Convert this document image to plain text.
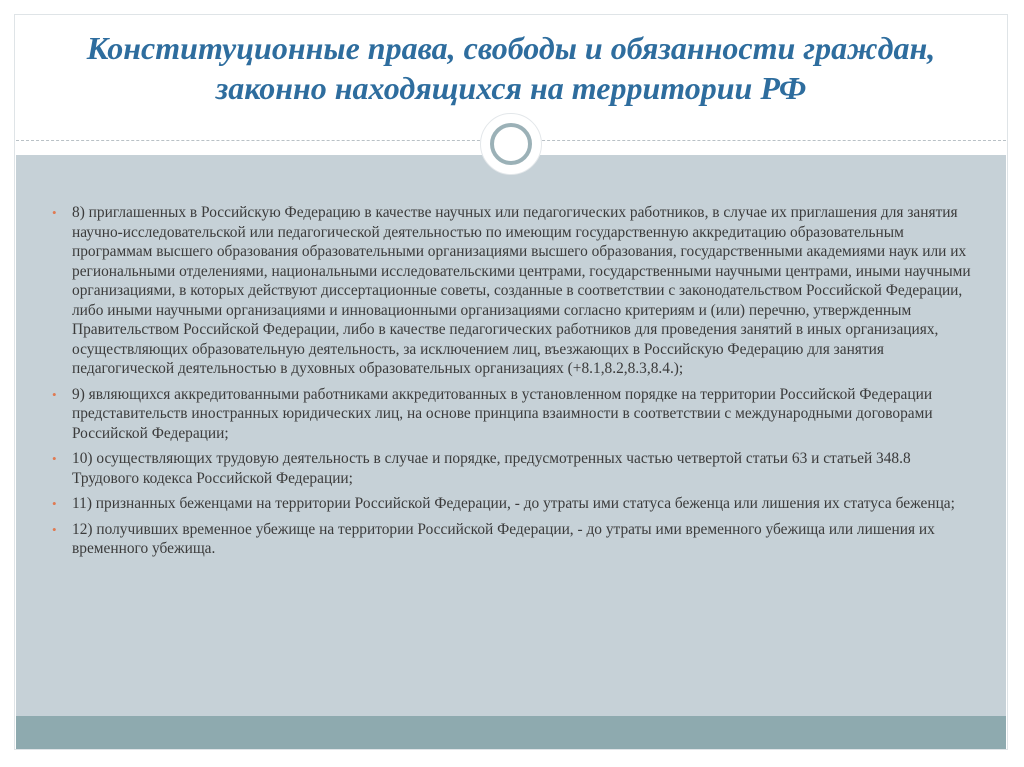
Конституционные права, свободы и обязанности граждан, законно находящихся на территории РФ
• 8) приглашенных в Российскую Федерацию в качестве научных или педагогических работников, в случае их приглашения для занятия научно-исследовательской или педагогической деятельностью по имеющим государственную аккредитацию образовательным программам высшего образования образовательными организациями высшего образования, государственными академиями наук или их региональными отделениями, национальными исследовательскими центрами, государственными научными центрами, иными научными организациями, в которых действуют диссертационные советы, созданные в соответствии с законодательством Российской Федерации, либо иными научными организациями и инновационными организациями согласно критериям и (или) перечню, утвержденным Правительством Российской Федерации, либо в качестве педагогических работников для проведения занятий в иных организациях, осуществляющих образовательную деятельность, за исключением лиц, въезжающих в Российскую Федерацию для занятия педагогической деятельностью в духовных образовательных организациях (+8.1,8.2,8.3,8.4.);
• 9) являющихся аккредитованными работниками аккредитованных в установленном порядке на территории Российской Федерации представительств иностранных юридических лиц, на основе принципа взаимности в соответствии с международными договорами Российской Федерации;
• 10) осуществляющих трудовую деятельность в случае и порядке, предусмотренных частью четвертой статьи 63 и статьей 348.8 Трудового кодекса Российской Федерации;
• 11) признанных беженцами на территории Российской Федерации, - до утраты ими статуса беженца или лишения их статуса беженца;
• 12) получивших временное убежище на территории Российской Федерации, - до утраты ими временного убежища или лишения их временного убежища.
